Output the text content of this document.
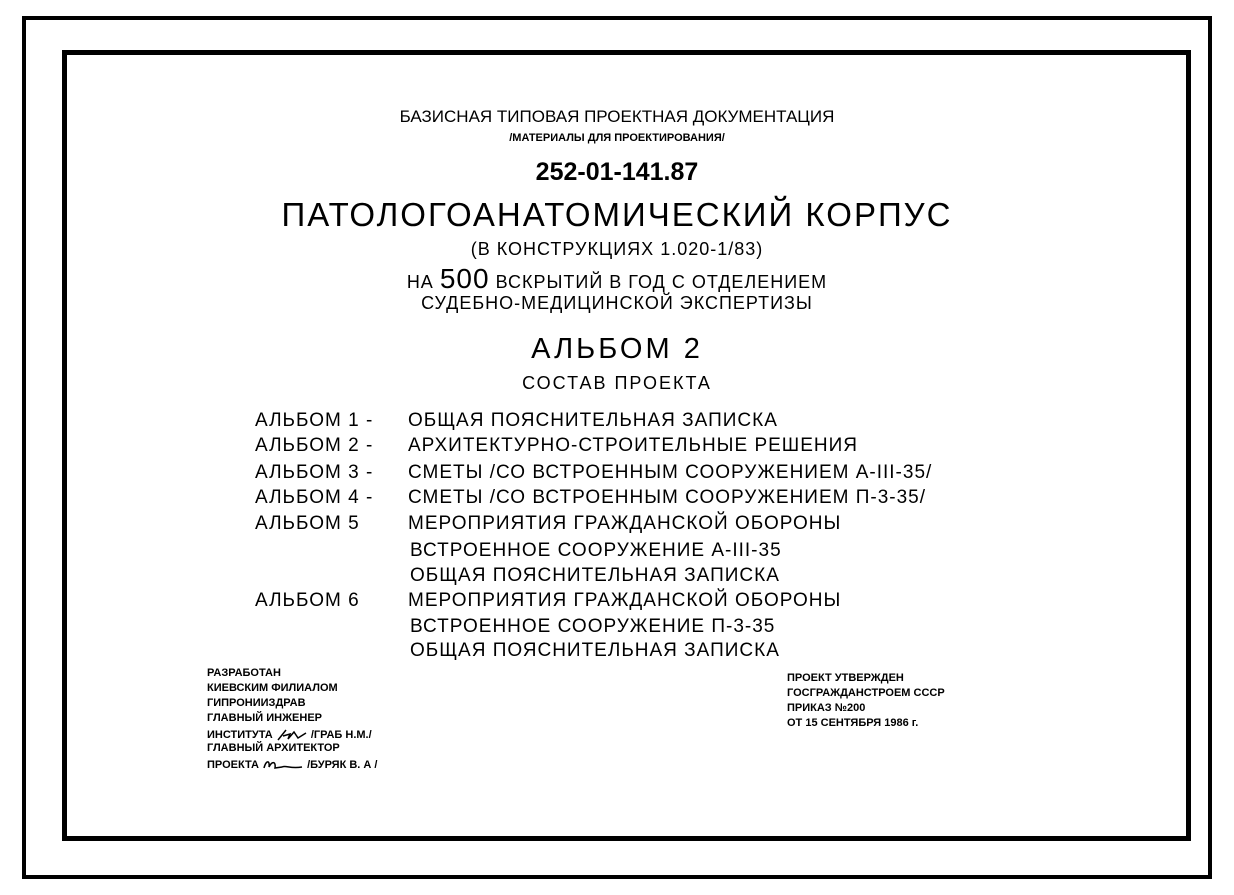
БАЗИСНАЯ ТИПОВАЯ ПРОЕКТНАЯ ДОКУМЕНТАЦИЯ
/МАТЕРИАЛЫ ДЛЯ ПРОЕКТИРОВАНИЯ/
252-01-141.87
ПАТОЛОГОАНАТОМИЧЕСКИЙ КОРПУС
(В КОНСТРУКЦИЯХ 1.020-1/83)
НА 500 ВСКРЫТИЙ В ГОД С ОТДЕЛЕНИЕМ
СУДЕБНО-МЕДИЦИНСКОЙ ЭКСПЕРТИЗЫ
АЛЬБОМ 2
СОСТАВ ПРОЕКТА
АЛЬБОМ 1 - ОБЩАЯ ПОЯСНИТЕЛЬНАЯ ЗАПИСКА
АЛЬБОМ 2 - АРХИТЕКТУРНО-СТРОИТЕЛЬНЫЕ РЕШЕНИЯ
АЛЬБОМ 3 - СМЕТЫ /СО ВСТРОЕННЫМ СООРУЖЕНИЕМ А-III-35/
АЛЬБОМ 4 - СМЕТЫ /СО ВСТРОЕННЫМ СООРУЖЕНИЕМ П-3-35/
АЛЬБОМ 5	МЕРОПРИЯТИЯ ГРАЖДАНСКОЙ ОБОРОНЫ
ВСТРОЕННОЕ СООРУЖЕНИЕ А-III-35
ОБЩАЯ ПОЯСНИТЕЛЬНАЯ ЗАПИСКА
АЛЬБОМ 6	МЕРОПРИЯТИЯ ГРАЖДАНСКОЙ ОБОРОНЫ
ВСТРОЕННОЕ СООРУЖЕНИЕ П-3-35
ОБЩАЯ ПОЯСНИТЕЛЬНАЯ ЗАПИСКА
РАЗРАБОТАН
КИЕВСКИМ ФИЛИАЛОМ
ГИПРОНИИЗДРАВ
ГЛАВНЫЙ ИНЖЕНЕР
ИНСТИТУТА	/ГРАБ Н.М./
ГЛАВНЫЙ АРХИТЕКТОР
ПРОЕКТА	/БУРЯК В. А /
ПРОЕКТ УТВЕРЖДЕН
ГОСГРАЖДАНСТРОЕМ СССР
ПРИКАЗ №200
ОТ 15 СЕНТЯБРЯ 1986 г.
